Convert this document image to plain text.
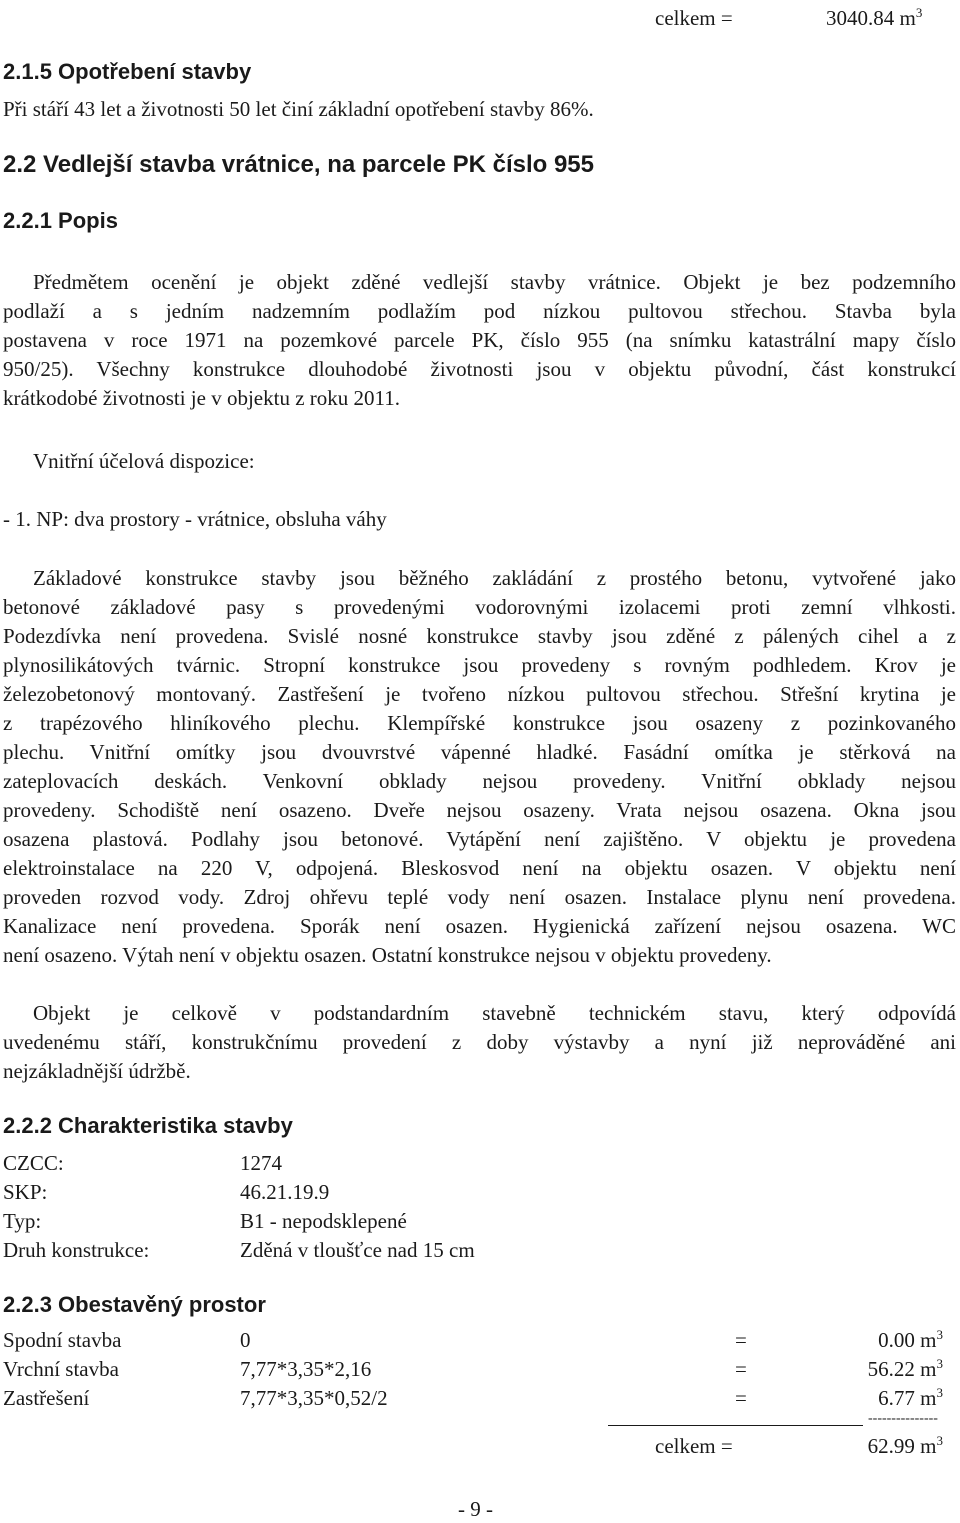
celkem =	3040.84 $m^3$
2.1.5 Opotřebení stavby
Při stáří 43 let a životnosti 50 let činí základní opotřebení stavby 86%.
2.2 Vedlejší stavba vrátnice, na parcele PK číslo 955
2.2.1 Popis
Předmětem ocenění je objekt zděné vedlejší stavby vrátnice. Objekt je bez podzemního
podlaží a s jedním nadzemním podlažím pod nízkou pultovou střechou. Stavba byla
postavena v roce 1971 na pozemkové parcele PK, číslo 955 (na snímku katastrální mapy číslo
950/25). Všechny konstrukce dlouhodobé životnosti jsou v objektu původní, část konstrukcí
krátkodobé životnosti je v objektu z roku 2011.
Vnitřní účelová dispozice:
- 1. NP: dva prostory - vrátnice, obsluha váhy
Základové konstrukce stavby jsou běžného zakládání z prostého betonu, vytvořené jako
betonové základové pasy s provedenými vodorovnými izolacemi proti zemní vlhkosti.
Podezdívka není provedena. Svislé nosné konstrukce stavby jsou zděné z pálených cihel a z
plynosilikátových tvárnic. Stropní konstrukce jsou provedeny s rovným podhledem. Krov je
železobetonový montovaný. Zastřešení je tvořeno nízkou pultovou střechou. Střešní krytina je
z trapézového hliníkového plechu. Klempířské konstrukce jsou osazeny z pozinkovaného
plechu. Vnitřní omítky jsou dvouvrstvé vápenné hladké. Fasádní omítka je stěrková na
zateplovacích deskách. Venkovní obklady nejsou provedeny. Vnitřní obklady nejsou
provedeny. Schodiště není osazeno. Dveře nejsou osazeny. Vrata nejsou osazena. Okna jsou
osazena plastová. Podlahy jsou betonové. Vytápění není zajištěno. V objektu je provedena
elektroinstalace na 220 V, odpojená. Bleskosvod není na objektu osazen. V objektu není
proveden rozvod vody. Zdroj ohřevu teplé vody není osazen. Instalace plynu není provedena.
Kanalizace není provedena. Sporák není osazen. Hygienická zařízení nejsou osazena. WC
není osazeno. Výtah není v objektu osazen. Ostatní konstrukce nejsou v objektu provedeny.
Objekt je celkově v podstandardním stavebně technickém stavu, který odpovídá
uvedenému stáří, konstrukčnímu provedení z doby výstavby a nyní již neprováděné ani
nejzákladnější údržbě.
2.2.2 Charakteristika stavby
CZCC:	1274
SKP:	46.21.19.9
Typ:	B1 - nepodsklepené
Druh konstrukce:	Zděná v tloušťce nad 15 cm
2.2.3 Obestavěný prostor
Spodní stavba	0	=	0.00 $m^3$
Vrchní stavba	7,77*3,35*2,16	=	56.22 $m^3$
Zastřešení	7,77*3,35*0,52/2	=	6.77 $m^3$
---------------
celkem =	62.99 $m^3$
- 9 -
